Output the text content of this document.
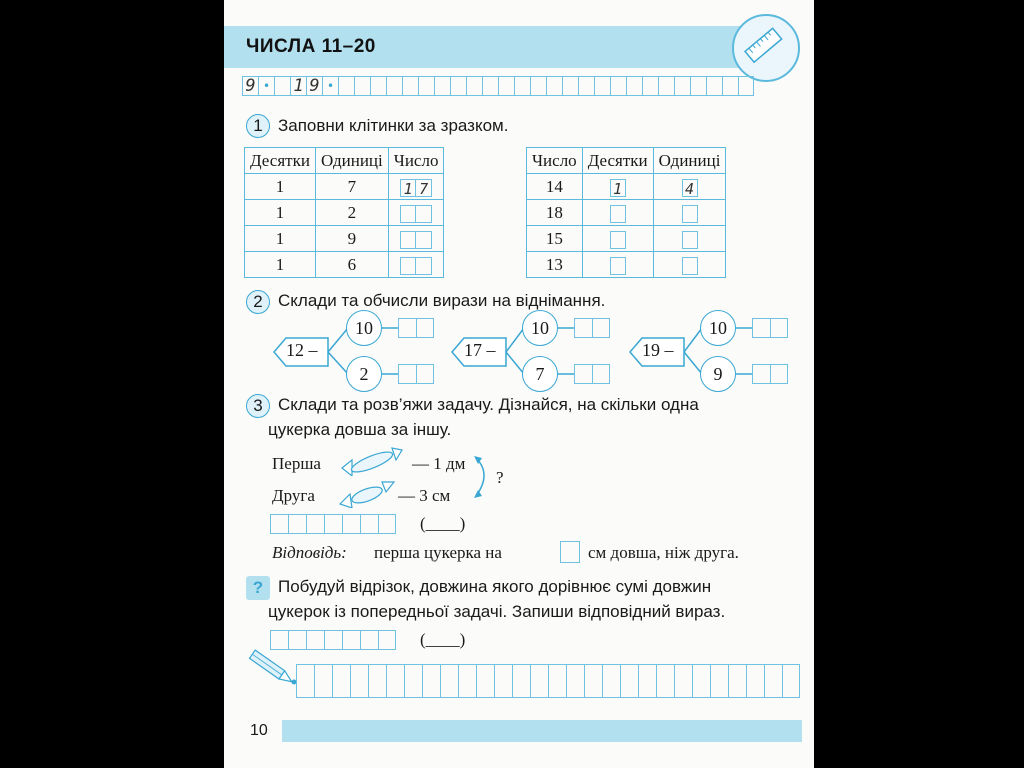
ЧИСЛА 11–20
9 • 1 9 •
1 Заповни клітинки за зразком.
Десятки	Одиниці	Число
1	7	1 7
1	2	
1	9	
1	6	
Число	Десятки	Одиниці
14	1	4
18		
15		
13		
2 Склади та обчисли вирази на віднімання.
12 –
10
2
17 –
10
7
19 –
10
9
3 Склади та розв’яжи задачу. Дізнайся, на скільки одна
цукерка довша за іншу.
Перша	— 1 дм
Друга	— 3 см
?
(____)
Відповідь: перша цукерка на	см довша, ніж друга.
? Побудуй відрізок, довжина якого дорівнює сумі довжин
цукерок із попередньої задачі. Запиши відповідний вираз.
(____)
10
